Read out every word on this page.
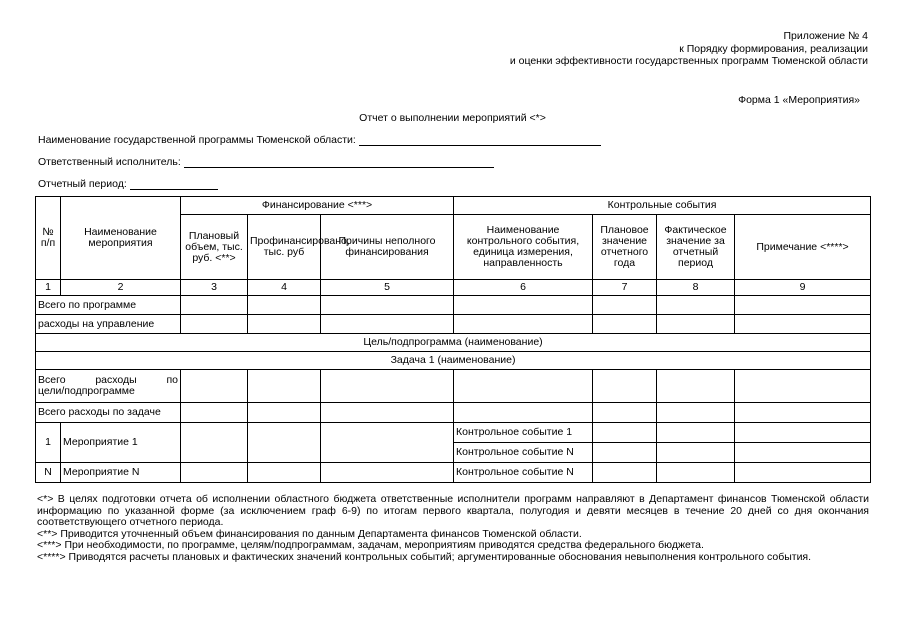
Приложение № 4
к Порядку формирования, реализации
и оценки эффективности государственных программ Тюменской области
Форма 1 «Мероприятия»
Отчет о выполнении мероприятий <*>
Наименование государственной программы Тюменской области:
Ответственный исполнитель:
Отчетный период:
№ п/п	Наименование мероприятия	Финансирование <***>			Контрольные события			
		Плановый объем, тыс. руб. <**>	Профинансировано, тыс. руб	Причины неполного финансирования	Наименование контрольного события, единица измерения, направленность	Плановое значение отчетного года	Фактическое значение за отчетный период	Примечание <****>
1	2	3	4	5	6	7	8	9
Всего по программе								
расходы на управление								
Цель/подпрограмма (наименование)								
Задача 1 (наименование)								

Всего расходы по
цели/подпрограмме								

Всего расходы по задаче								
1	Мероприятие 1				Контрольное событие 1			
					Контрольное событие N			
N	Мероприятие N				Контрольное событие N			

<*> В целях подготовки отчета об исполнении областного бюджета ответственные исполнители программ направляют в Департамент финансов Тюменской области информацию по указанной форме (за исключением граф 6-9) по итогам первого квартала, полугодия и девяти месяцев в течение 20 дней со дня окончания соответствующего отчетного периода.

<**> Приводится уточненный объем финансирования по данным Департамента финансов Тюменской области.

<***> При необходимости, по программе, целям/подпрограммам, задачам, мероприятиям приводятся средства федерального бюджета.

<****> Приводятся расчеты плановых и фактических значений контрольных событий; аргументированные обоснования невыполнения контрольного события.
